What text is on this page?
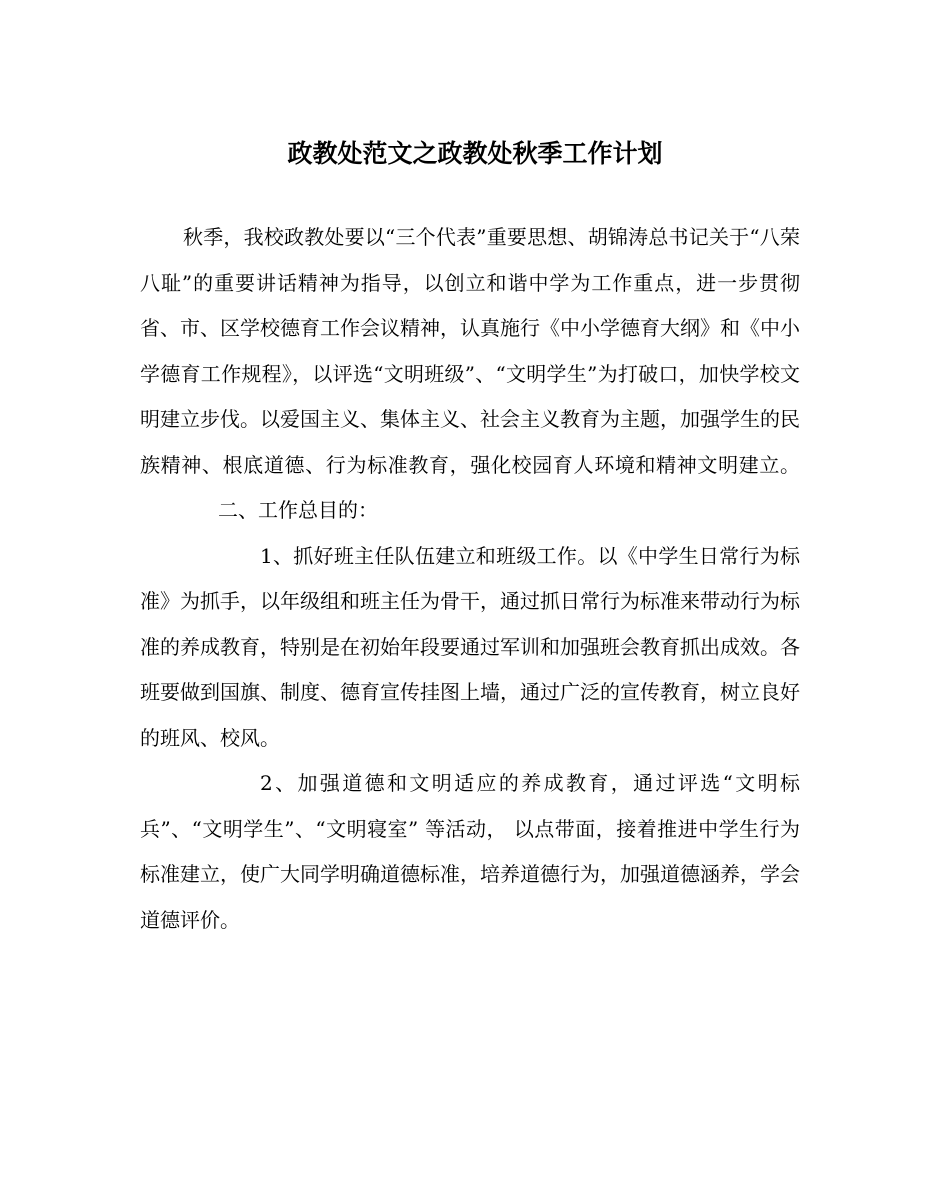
政教处范文之政教处秋季工作计划

秋季，我校政教处要以“三个代表”重要思想、胡锦涛总书记关于“八荣八耻”的重要讲话精神为指导，以创立和谐中学为工作重点，进一步贯彻省、市、区学校德育工作会议精神，认真施行《中小学德育大纲》和《中小学德育工作规程》，以评选“文明班级”、“文明学生”为打破口，加快学校文明建立步伐。以爱国主义、集体主义、社会主义教育为主题，加强学生的民族精神、根底道德、行为标准教育，强化校园育人环境和精神文明建立。二、工作总目的：

1、抓好班主任队伍建立和班级工作。以《中学生日常行为标准》为抓手，以年级组和班主任为骨干，通过抓日常行为标准来带动行为标准的养成教育，特别是在初始年段要通过军训和加强班会教育抓出成效。各班要做到国旗、制度、德育宣传挂图上墙，通过广泛的宣传教育，树立良好的班风、校风。

2、加强道德和文明适应的养成教育，通过评选“文明标兵”、“文明学生”、“文明寝室” 等活动， 以点带面，接着推进中学生行为标准建立，使广大同学明确道德标准，培养道德行为，加强道德涵养，学会道德评价。
